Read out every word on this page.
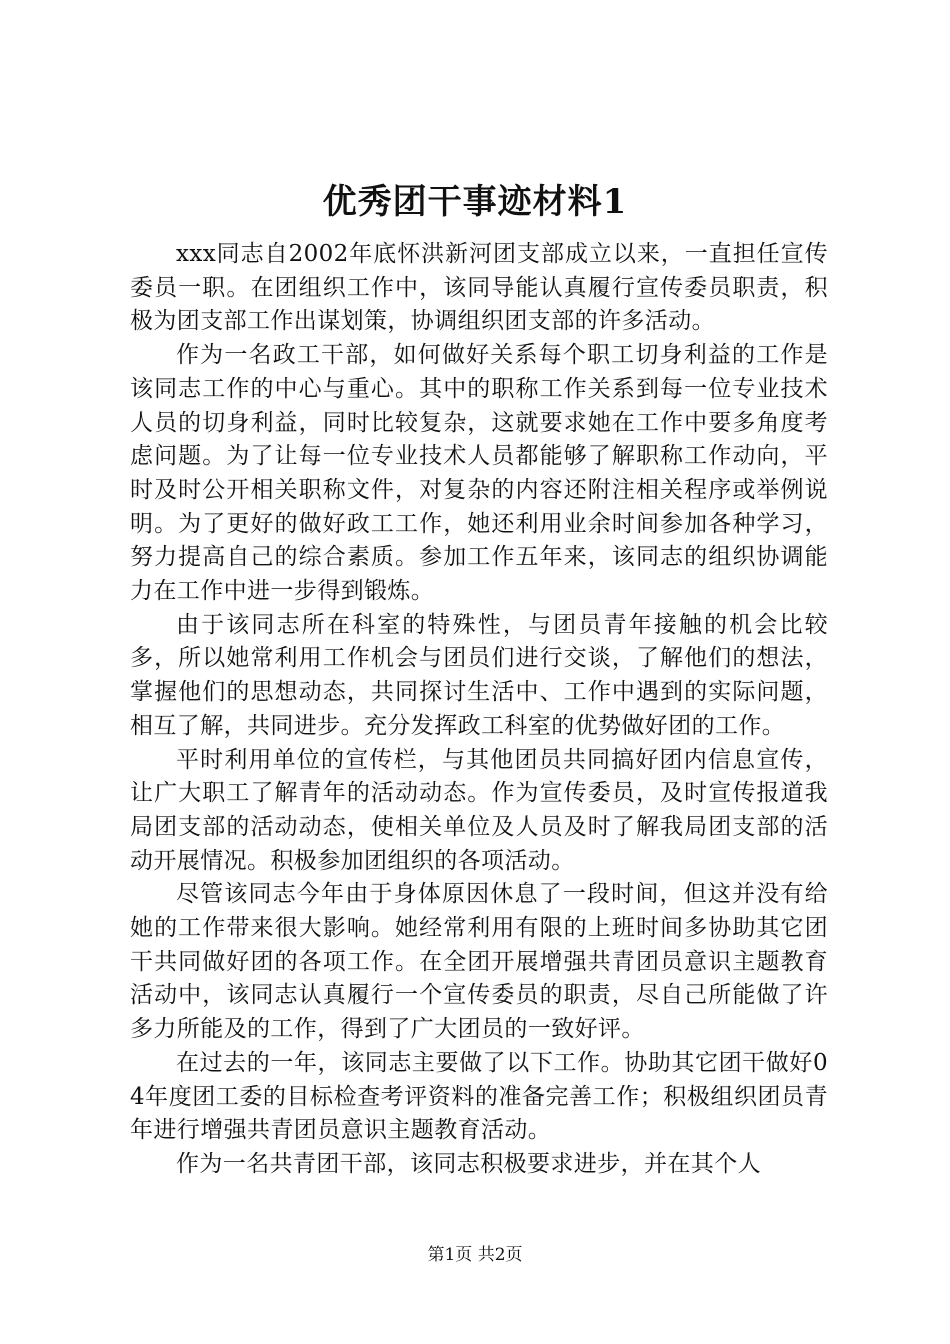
优秀团干事迹材料1

xxx同志自2002年底怀洪新河团支部成立以来，一直担任宣传委员一职。在团组织工作中，该同导能认真履行宣传委员职责，积极为团支部工作出谋划策，协调组织团支部的许多活动。

作为一名政工干部，如何做好关系每个职工切身利益的工作是该同志工作的中心与重心。其中的职称工作关系到每一位专业技术人员的切身利益，同时比较复杂，这就要求她在工作中要多角度考虑问题。为了让每一位专业技术人员都能够了解职称工作动向，平时及时公开相关职称文件，对复杂的内容还附注相关程序或举例说明。为了更好的做好政工工作，她还利用业余时间参加各种学习，努力提高自己的综合素质。参加工作五年来，该同志的组织协调能力在工作中进一步得到锻炼。

由于该同志所在科室的特殊性，与团员青年接触的机会比较多，所以她常利用工作机会与团员们进行交谈，了解他们的想法，掌握他们的思想动态，共同探讨生活中、工作中遇到的实际问题，相互了解，共同进步。充分发挥政工科室的优势做好团的工作。

平时利用单位的宣传栏，与其他团员共同搞好团内信息宣传，让广大职工了解青年的活动动态。作为宣传委员，及时宣传报道我局团支部的活动动态，使相关单位及人员及时了解我局团支部的活动开展情况。积极参加团组织的各项活动。

尽管该同志今年由于身体原因休息了一段时间，但这并没有给她的工作带来很大影响。她经常利用有限的上班时间多协助其它团干共同做好团的各项工作。在全团开展增强共青团员意识主题教育活动中，该同志认真履行一个宣传委员的职责，尽自己所能做了许多力所能及的工作，得到了广大团员的一致好评。

在过去的一年，该同志主要做了以下工作。协助其它团干做好04年度团工委的目标检查考评资料的准备完善工作；积极组织团员青年进行增强共青团员意识主题教育活动。

作为一名共青团干部，该同志积极要求进步，并在其个人

第1页 共2页
